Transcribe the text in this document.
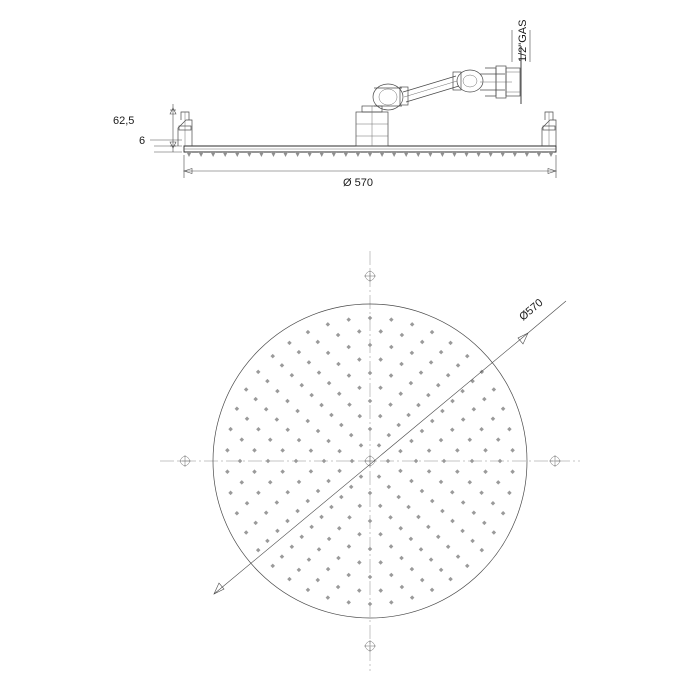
1/2"GAS
62,5
6
Ø 570
Ø570
